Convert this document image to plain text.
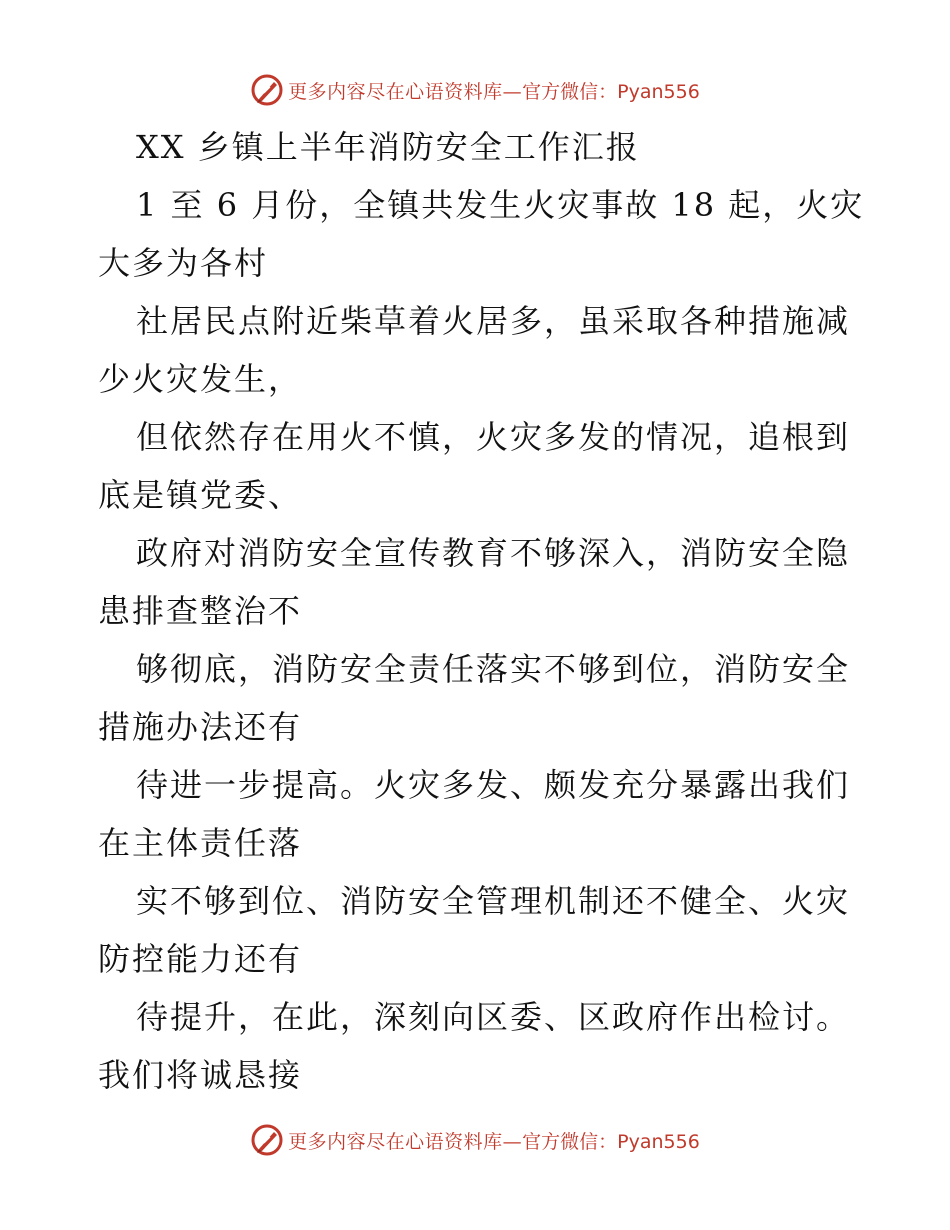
更多内容尽在心语资料库— 官方微信：Pyan556
XX 乡镇上半年消防安全工作汇报
1 至 6 月份，全镇共发生火灾事故 18 起，火灾
大多为各村
社居民点附近柴草着火居多，虽采取各种措施减
少火灾发生，
但依然存在用火不慎，火灾多发的情况，追根到
底是镇党委、
政府对消防安全宣传教育不够深入，消防安全隐
患排查整治不
够彻底，消防安全责任落实不够到位，消防安全
措施办法还有
待进一步提高。火灾多发、颇发充分暴露出我们
在主体责任落
实不够到位、消防安全管理机制还不健全、火灾
防控能力还有
待提升，在此，深刻向区委、区政府作出检讨。
我们将诚恳接
更多内容尽在心语资料库— 官方微信：Pyan556
